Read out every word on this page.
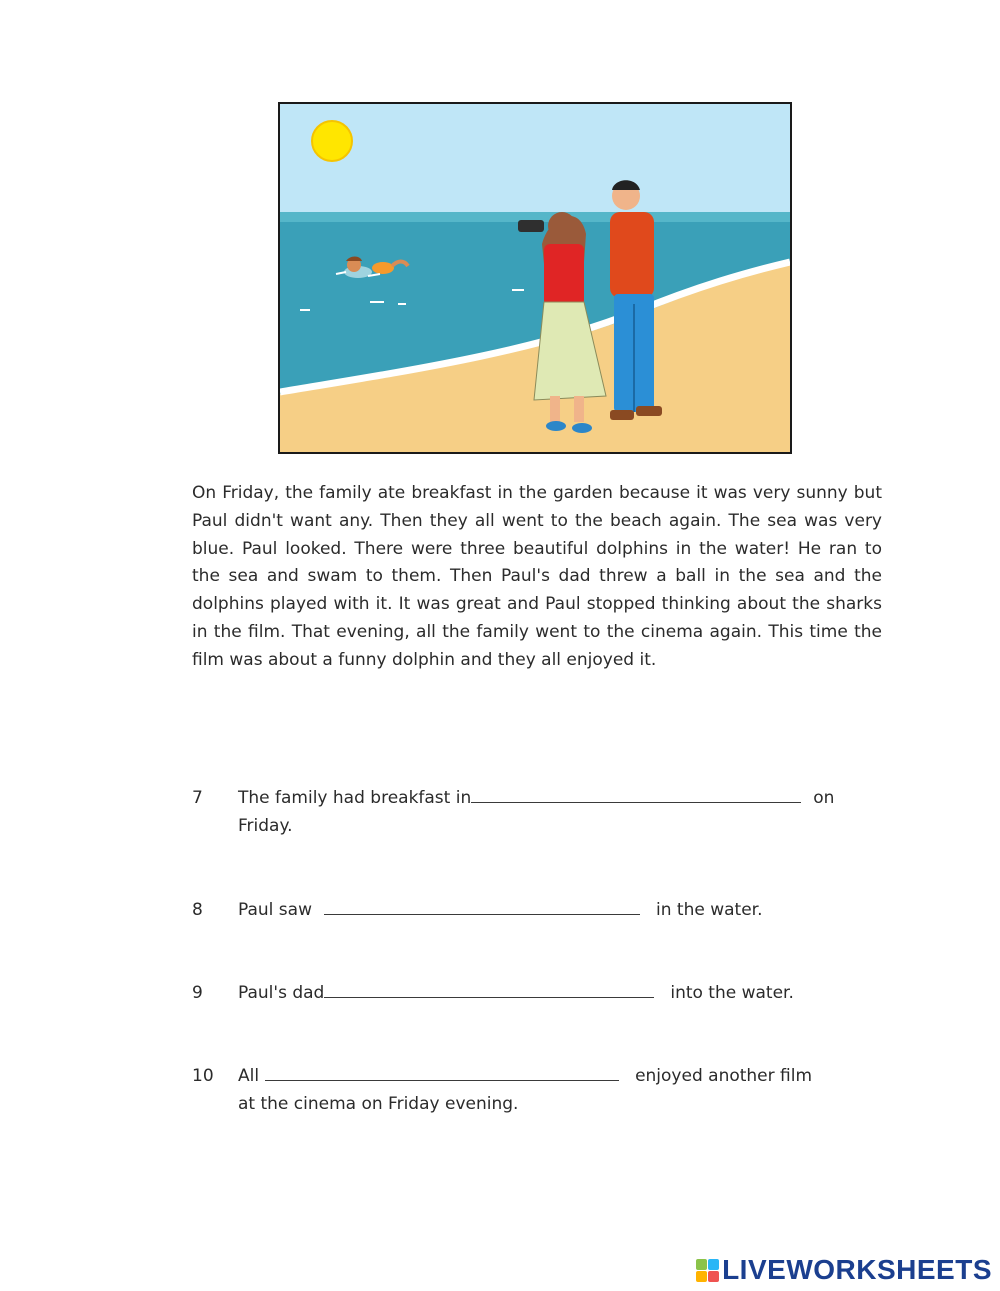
On Friday, the family ate breakfast in the garden because it was very sunny but Paul didn't want any. Then they all went to the beach again. The sea was very blue. Paul looked. There were three beautiful dolphins in the water! He ran to the sea and swam to them. Then Paul's dad threw a ball in the sea and the dolphins played with it. It was great and Paul stopped thinking about the sharks in the film. That evening, all the family went to the cinema again. This time the film was about a funny dolphin and they all enjoyed it.

7 The family had breakfast in	on
Friday.
8 Paul saw	in the water.
9 Paul's dad	into the water.
10 All	enjoyed another film
at the cinema on Friday evening.
LIVEWORKSHEETS
